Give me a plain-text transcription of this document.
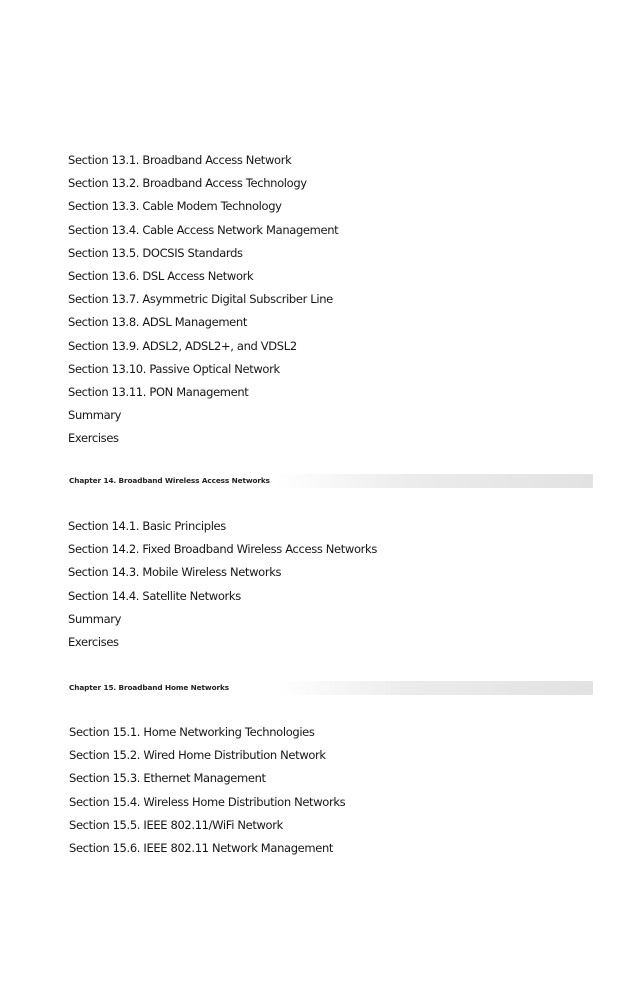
Section 13.1. Broadband Access Network
Section 13.2. Broadband Access Technology
Section 13.3. Cable Modem Technology
Section 13.4. Cable Access Network Management
Section 13.5. DOCSIS Standards
Section 13.6. DSL Access Network
Section 13.7. Asymmetric Digital Subscriber Line
Section 13.8. ADSL Management
Section 13.9. ADSL2, ADSL2+, and VDSL2
Section 13.10. Passive Optical Network
Section 13.11. PON Management
Summary
Exercises
Chapter 14. Broadband Wireless Access Networks
Section 14.1. Basic Principles
Section 14.2. Fixed Broadband Wireless Access Networks
Section 14.3. Mobile Wireless Networks
Section 14.4. Satellite Networks
Summary
Exercises
Chapter 15. Broadband Home Networks
Section 15.1. Home Networking Technologies
Section 15.2. Wired Home Distribution Network
Section 15.3. Ethernet Management
Section 15.4. Wireless Home Distribution Networks
Section 15.5. IEEE 802.11/WiFi Network
Section 15.6. IEEE 802.11 Network Management
